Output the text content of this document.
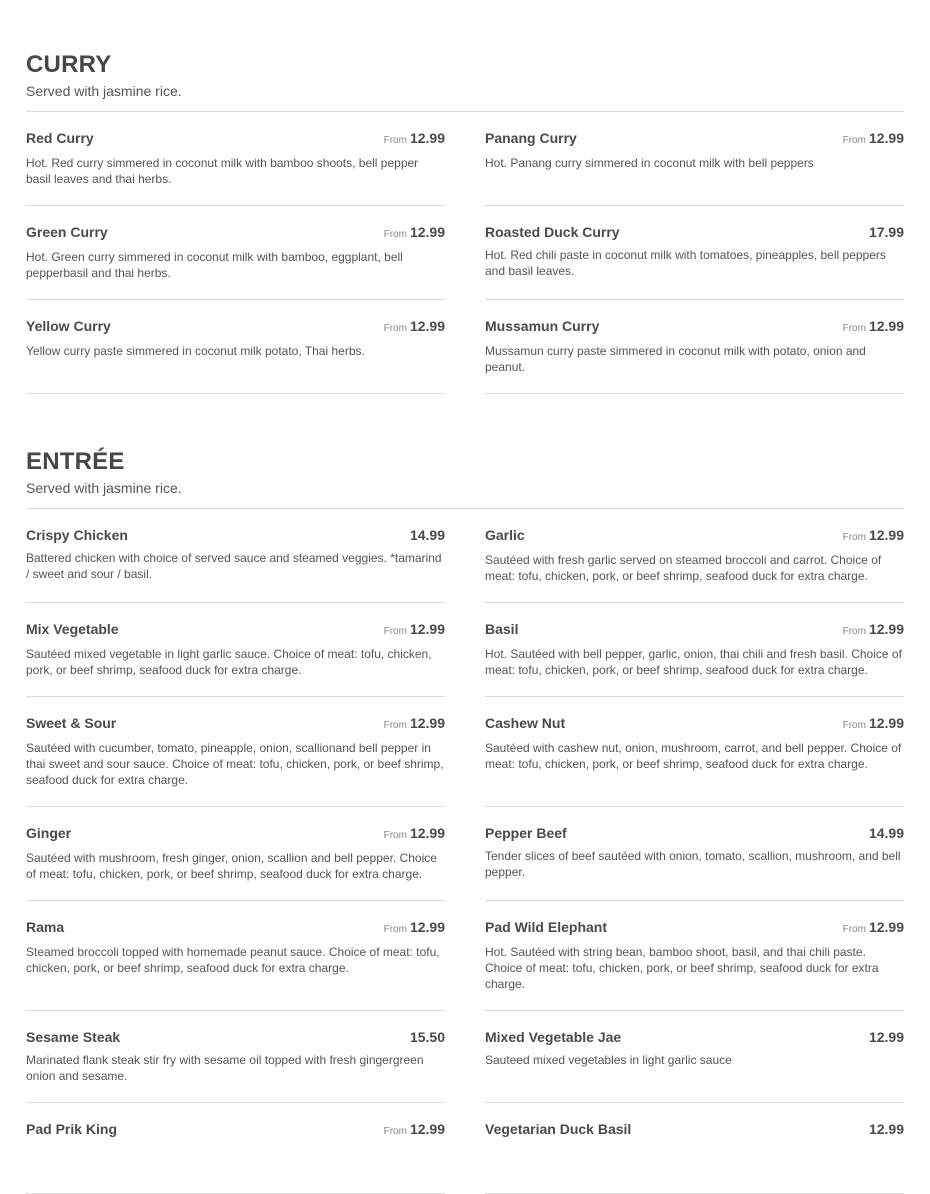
CURRY
Served with jasmine rice.
Red Curry	From 12.99
Hot. Red curry simmered in coconut milk with bamboo shoots, bell pepper basil leaves and thai herbs.
Panang Curry	From 12.99
Hot. Panang curry simmered in coconut milk with bell peppers
Green Curry	From 12.99
Hot. Green curry simmered in coconut milk with bamboo, eggplant, bell pepperbasil and thai herbs.
Roasted Duck Curry	17.99
Hot. Red chili paste in coconut milk with tomatoes, pineapples, bell peppers and basil leaves.
Yellow Curry	From 12.99
Yellow curry paste simmered in coconut milk potato, Thai herbs.
Mussamun Curry	From 12.99
Mussamun curry paste simmered in coconut milk with potato, onion and peanut.
ENTRÉE
Served with jasmine rice.
Crispy Chicken	14.99
Battered chicken with choice of served sauce and steamed veggies. *tamarind / sweet and sour / basil.
Garlic	From 12.99
Sautéed with fresh garlic served on steamed broccoli and carrot. Choice of meat: tofu, chicken, pork, or beef shrimp, seafood duck for extra charge.
Mix Vegetable	From 12.99
Sautéed mixed vegetable in light garlic sauce. Choice of meat: tofu, chicken, pork, or beef shrimp, seafood duck for extra charge.
Basil	From 12.99
Hot. Sautéed with bell pepper, garlic, onion, thai chili and fresh basil. Choice of meat: tofu, chicken, pork, or beef shrimp, seafood duck for extra charge.
Sweet & Sour	From 12.99
Sautéed with cucumber, tomato, pineapple, onion, scallionand bell pepper in thai sweet and sour sauce. Choice of meat: tofu, chicken, pork, or beef shrimp, seafood duck for extra charge.
Cashew Nut	From 12.99
Sautéed with cashew nut, onion, mushroom, carrot, and bell pepper. Choice of meat: tofu, chicken, pork, or beef shrimp, seafood duck for extra charge.
Ginger	From 12.99
Sautéed with mushroom, fresh ginger, onion, scallion and bell pepper. Choice of meat: tofu, chicken, pork, or beef shrimp, seafood duck for extra charge.
Pepper Beef	14.99
Tender slices of beef sautéed with onion, tomato, scallion, mushroom, and bell pepper.
Rama	From 12.99
Steamed broccoli topped with homemade peanut sauce. Choice of meat: tofu, chicken, pork, or beef shrimp, seafood duck for extra charge.
Pad Wild Elephant	From 12.99
Hot. Sautéed with string bean, bamboo shoot, basil, and thai chili paste. Choice of meat: tofu, chicken, pork, or beef shrimp, seafood duck for extra charge.
Sesame Steak	15.50
Marinated flank steak stir fry with sesame oil topped with fresh gingergreen onion and sesame.
Mixed Vegetable Jae	12.99
Sauteed mixed vegetables in light garlic sauce
Pad Prik King	From 12.99	Vegetarian Duck Basil	12.99
